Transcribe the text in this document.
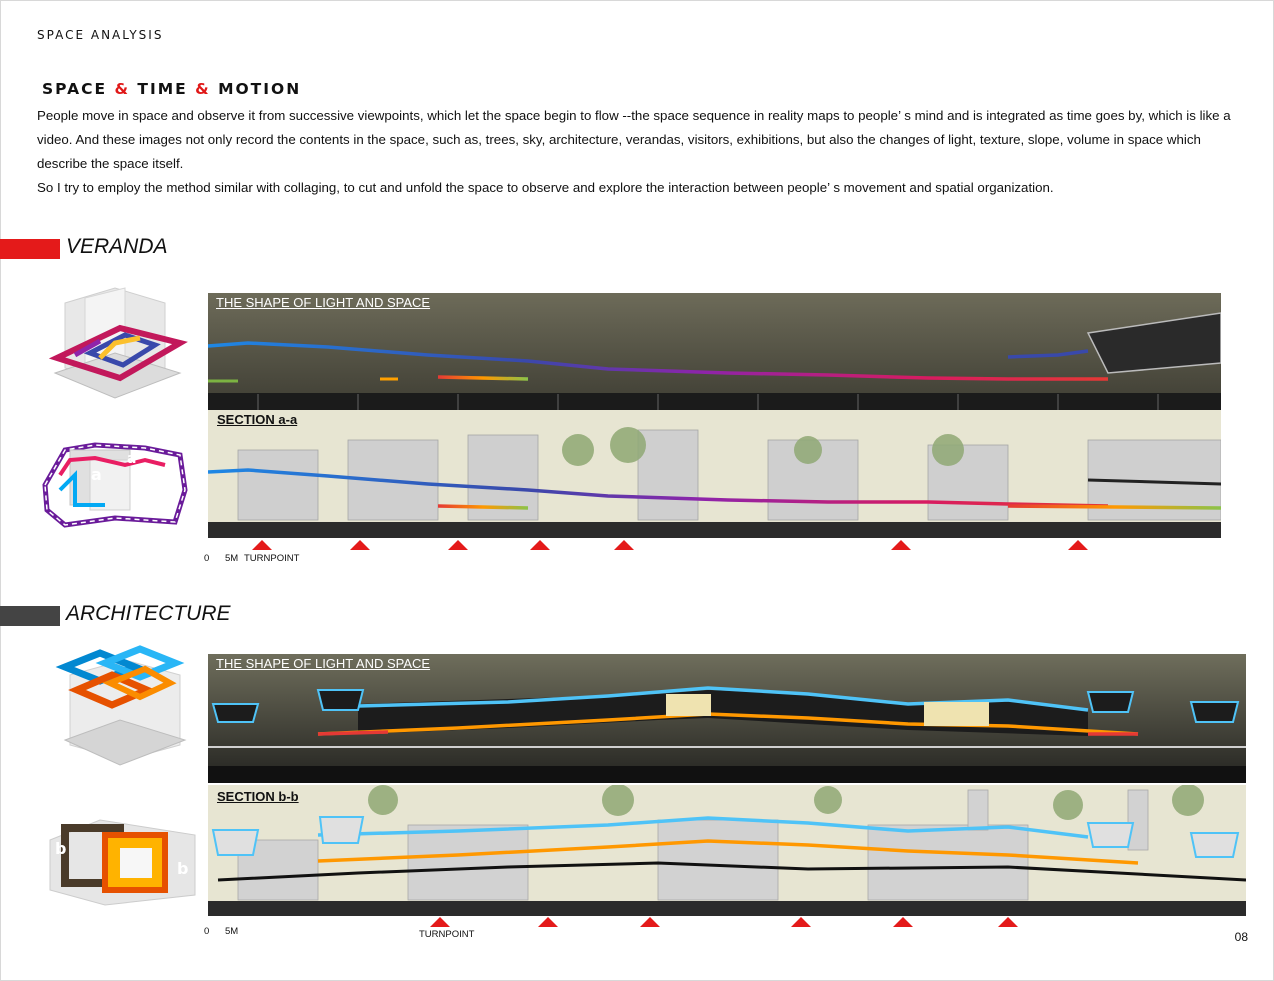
SPACE ANALYSIS
SPACE & TIME & MOTION

People move in space and observe it from successive viewpoints, which let the space begin to flow --the space sequence in reality maps to people’ s mind and is integrated as time goes by, which is like a video. And these images not only record the contents in the space, such as, trees, sky, architecture, verandas, visitors, exhibitions, but also the changes of light, texture, slope, volume in space which describe the space itself.

So I try to employ the method similar with collaging, to cut and unfold the space to observe and explore the interaction between people’ s movement and spatial organization.

VERANDA
a
a
THE SHAPE OF LIGHT AND SPACE
SECTION a-a
0 5M TURNPOINT
ARCHITECTURE
b
b
THE SHAPE OF LIGHT AND SPACE
SECTION b-b
0 5M	TURNPOINT	08
